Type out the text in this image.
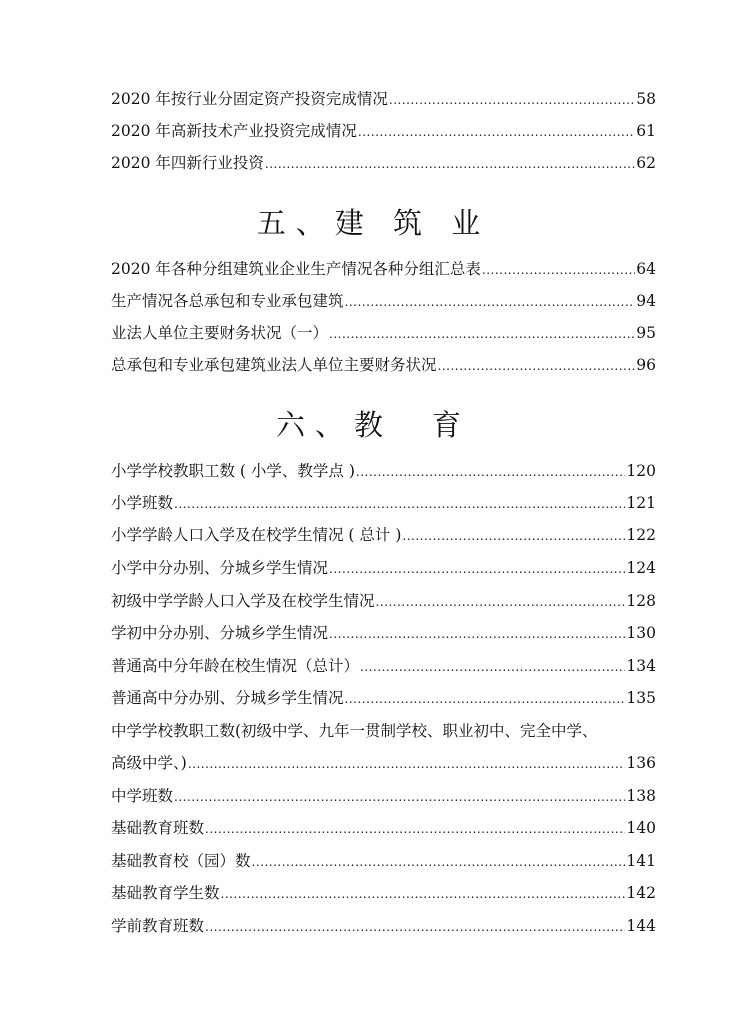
2020 年按行业分固定资产投资完成情况 .....	58
2020 年高新技术产业投资完成情况 .....	61
2020 年四新行业投资 .....	62
五、建 筑 业
2020 年各种分组建筑业企业生产情况各种分组汇总表 .....	64
生产情况各总承包和专业承包建筑 .....	94
业法人单位主要财务状况（一） .....	95
总承包和专业承包建筑业法人单位主要财务状况 .....	96
六、教　育
小学学校教职工数 ( 小学、教学点 ) .....	120
小学班数 .....	121
小学学龄人口入学及在校学生情况 ( 总计 ) .....	122
小学中分办别、分城乡学生情况 .....	124
初级中学学龄人口入学及在校学生情况 .....	128
学初中分办别、分城乡学生情况 .....	130
普通高中分年龄在校生情况（总计） .....	134
普通高中分办别、分城乡学生情况 .....	135
中学学校教职工数(初级中学、九年一贯制学校、职业初中、完全中学、
高级中学、) .....	136
中学班数 .....	138
基础教育班数 .....	140
基础教育校（园）数 .....	141
基础教育学生数 .....	142
学前教育班数 .....	144
